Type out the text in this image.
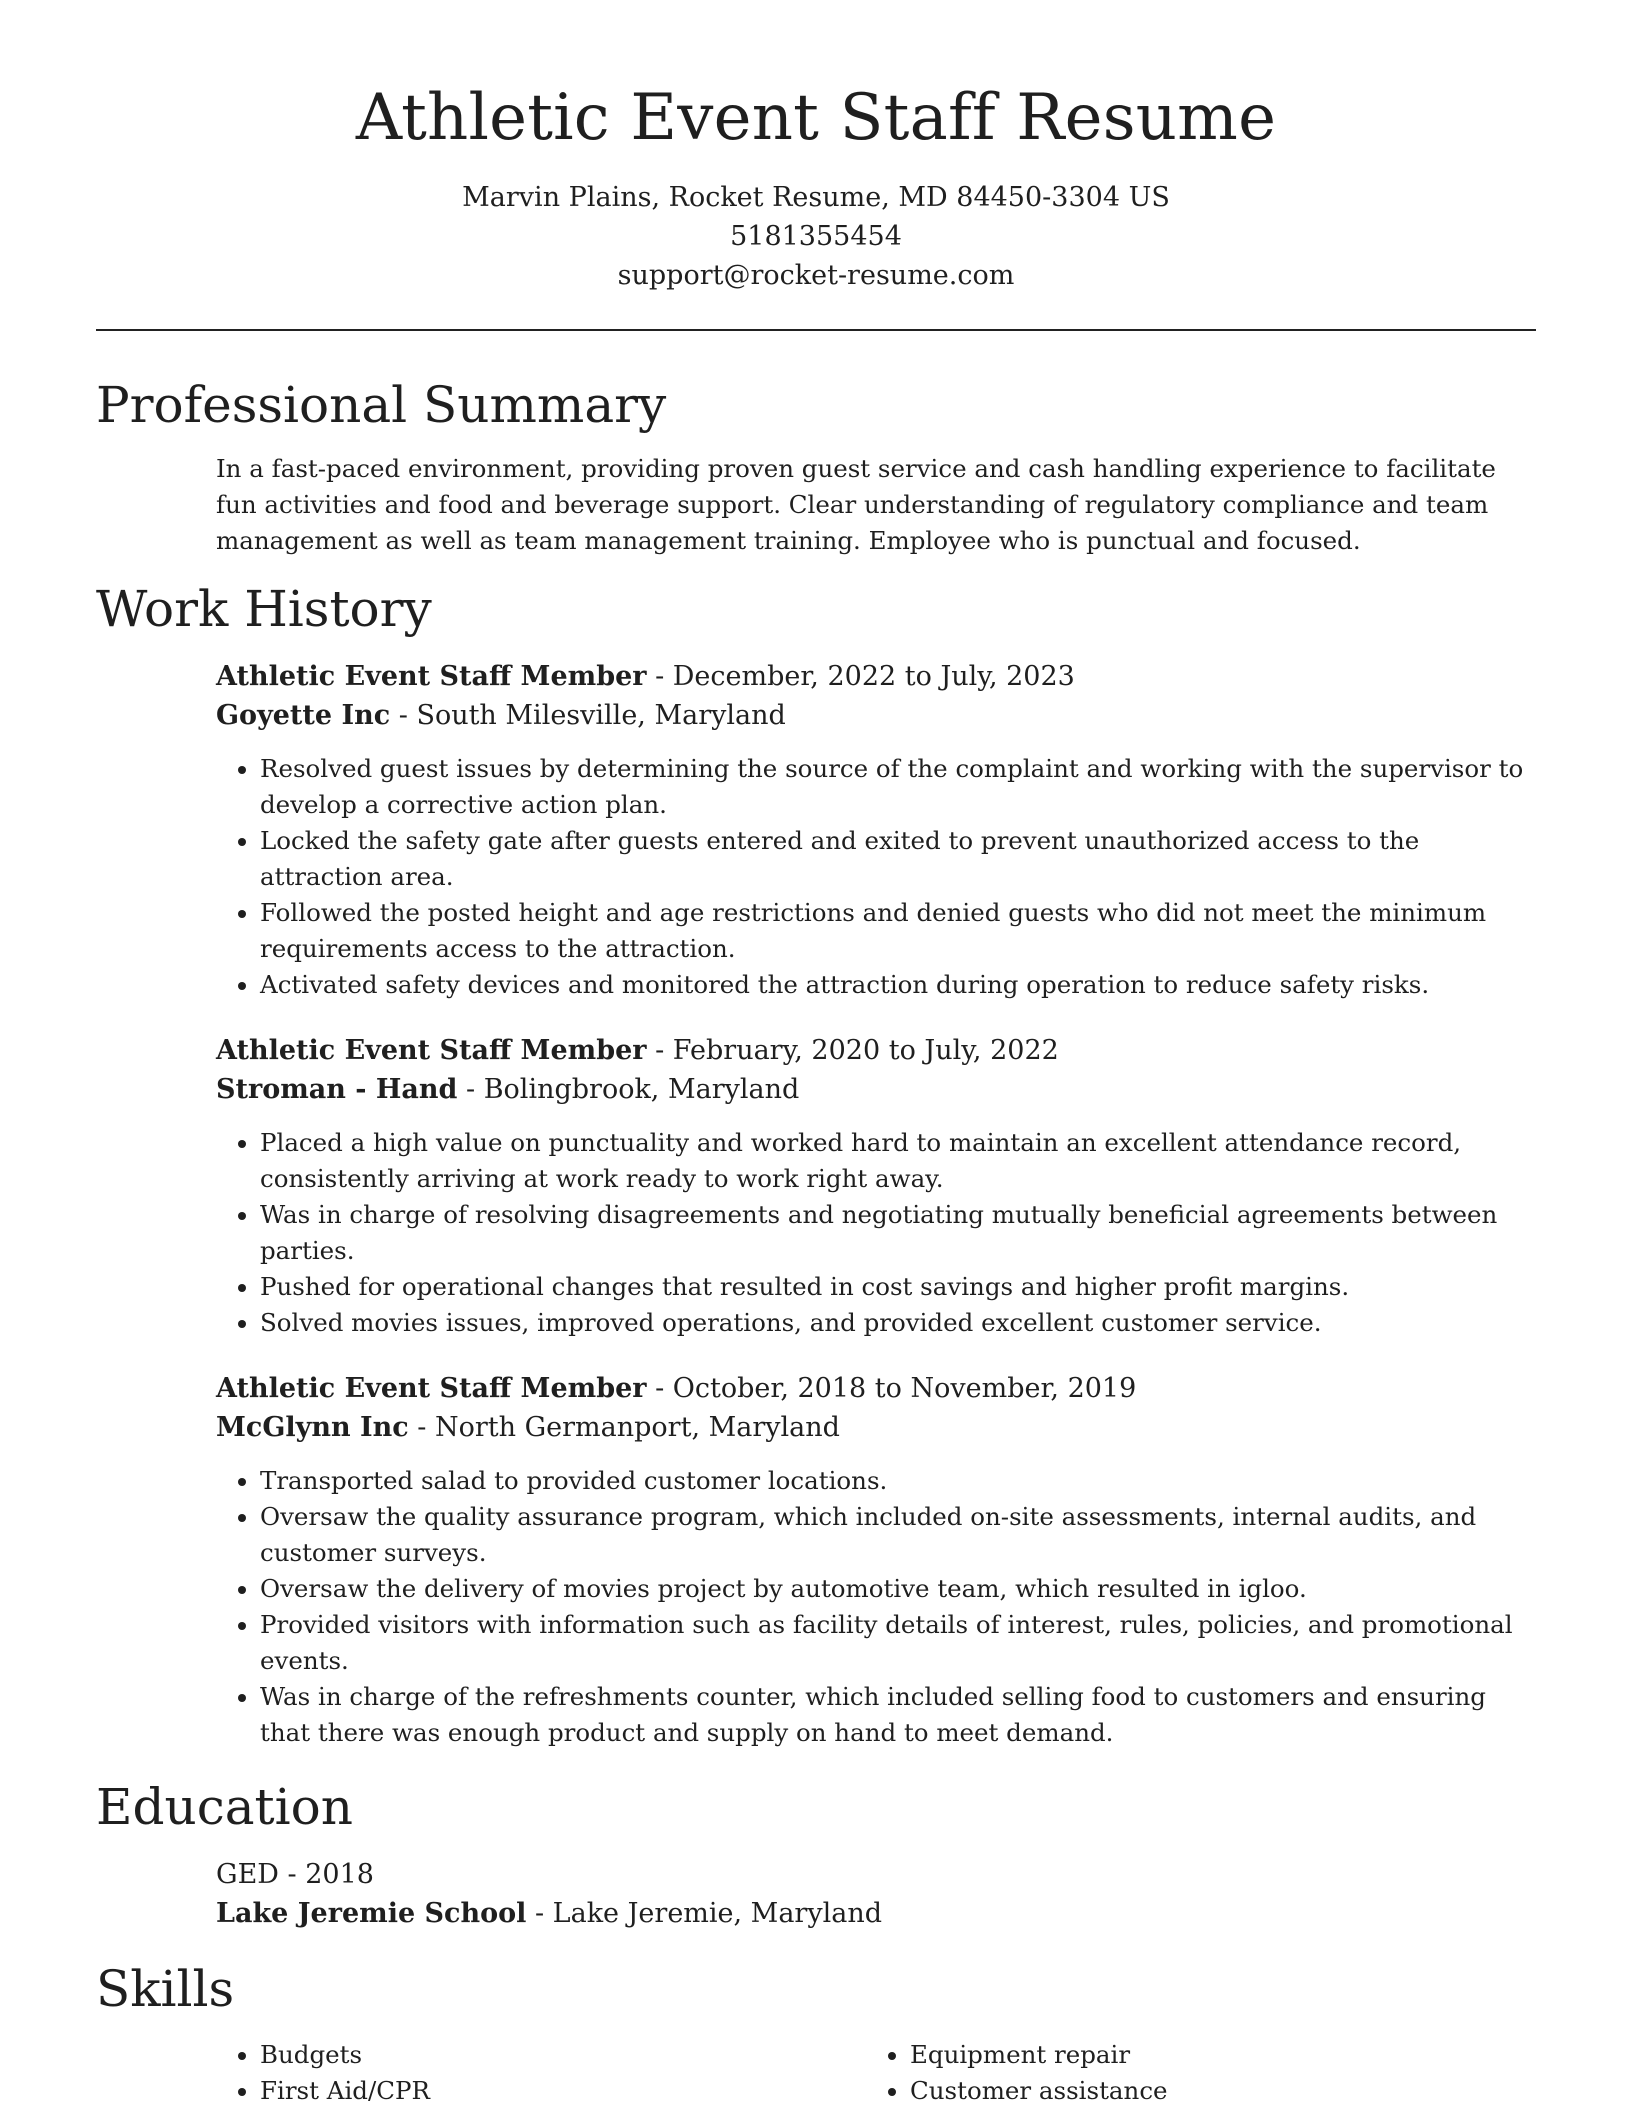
Athletic Event Staff Resume
Marvin Plains, Rocket Resume, MD 84450-3304 US
5181355454
support@rocket-resume.com
Professional Summary
In a fast-paced environment, providing proven guest service and cash handling experience to facilitate fun activities and food and beverage support. Clear understanding of regulatory compliance and team management as well as team management training. Employee who is punctual and focused.
Work History
Athletic Event Staff Member - December, 2022 to July, 2023
Goyette Inc - South Milesville, Maryland
• Resolved guest issues by determining the source of the complaint and working with the supervisor to develop a corrective action plan.
• Locked the safety gate after guests entered and exited to prevent unauthorized access to the attraction area.
• Followed the posted height and age restrictions and denied guests who did not meet the minimum requirements access to the attraction.
• Activated safety devices and monitored the attraction during operation to reduce safety risks.
Athletic Event Staff Member - February, 2020 to July, 2022
Stroman - Hand - Bolingbrook, Maryland
• Placed a high value on punctuality and worked hard to maintain an excellent attendance record, consistently arriving at work ready to work right away.
• Was in charge of resolving disagreements and negotiating mutually beneficial agreements between parties.
• Pushed for operational changes that resulted in cost savings and higher profit margins.
• Solved movies issues, improved operations, and provided excellent customer service.
Athletic Event Staff Member - October, 2018 to November, 2019
McGlynn Inc - North Germanport, Maryland
• Transported salad to provided customer locations.
• Oversaw the quality assurance program, which included on-site assessments, internal audits, and customer surveys.
• Oversaw the delivery of movies project by automotive team, which resulted in igloo.
• Provided visitors with information such as facility details of interest, rules, policies, and promotional events.
• Was in charge of the refreshments counter, which included selling food to customers and ensuring that there was enough product and supply on hand to meet demand.
Education
GED - 2018
Lake Jeremie School - Lake Jeremie, Maryland
Skills
• Budgets
• First Aid/CPR
• Equipment repair
• Customer assistance
